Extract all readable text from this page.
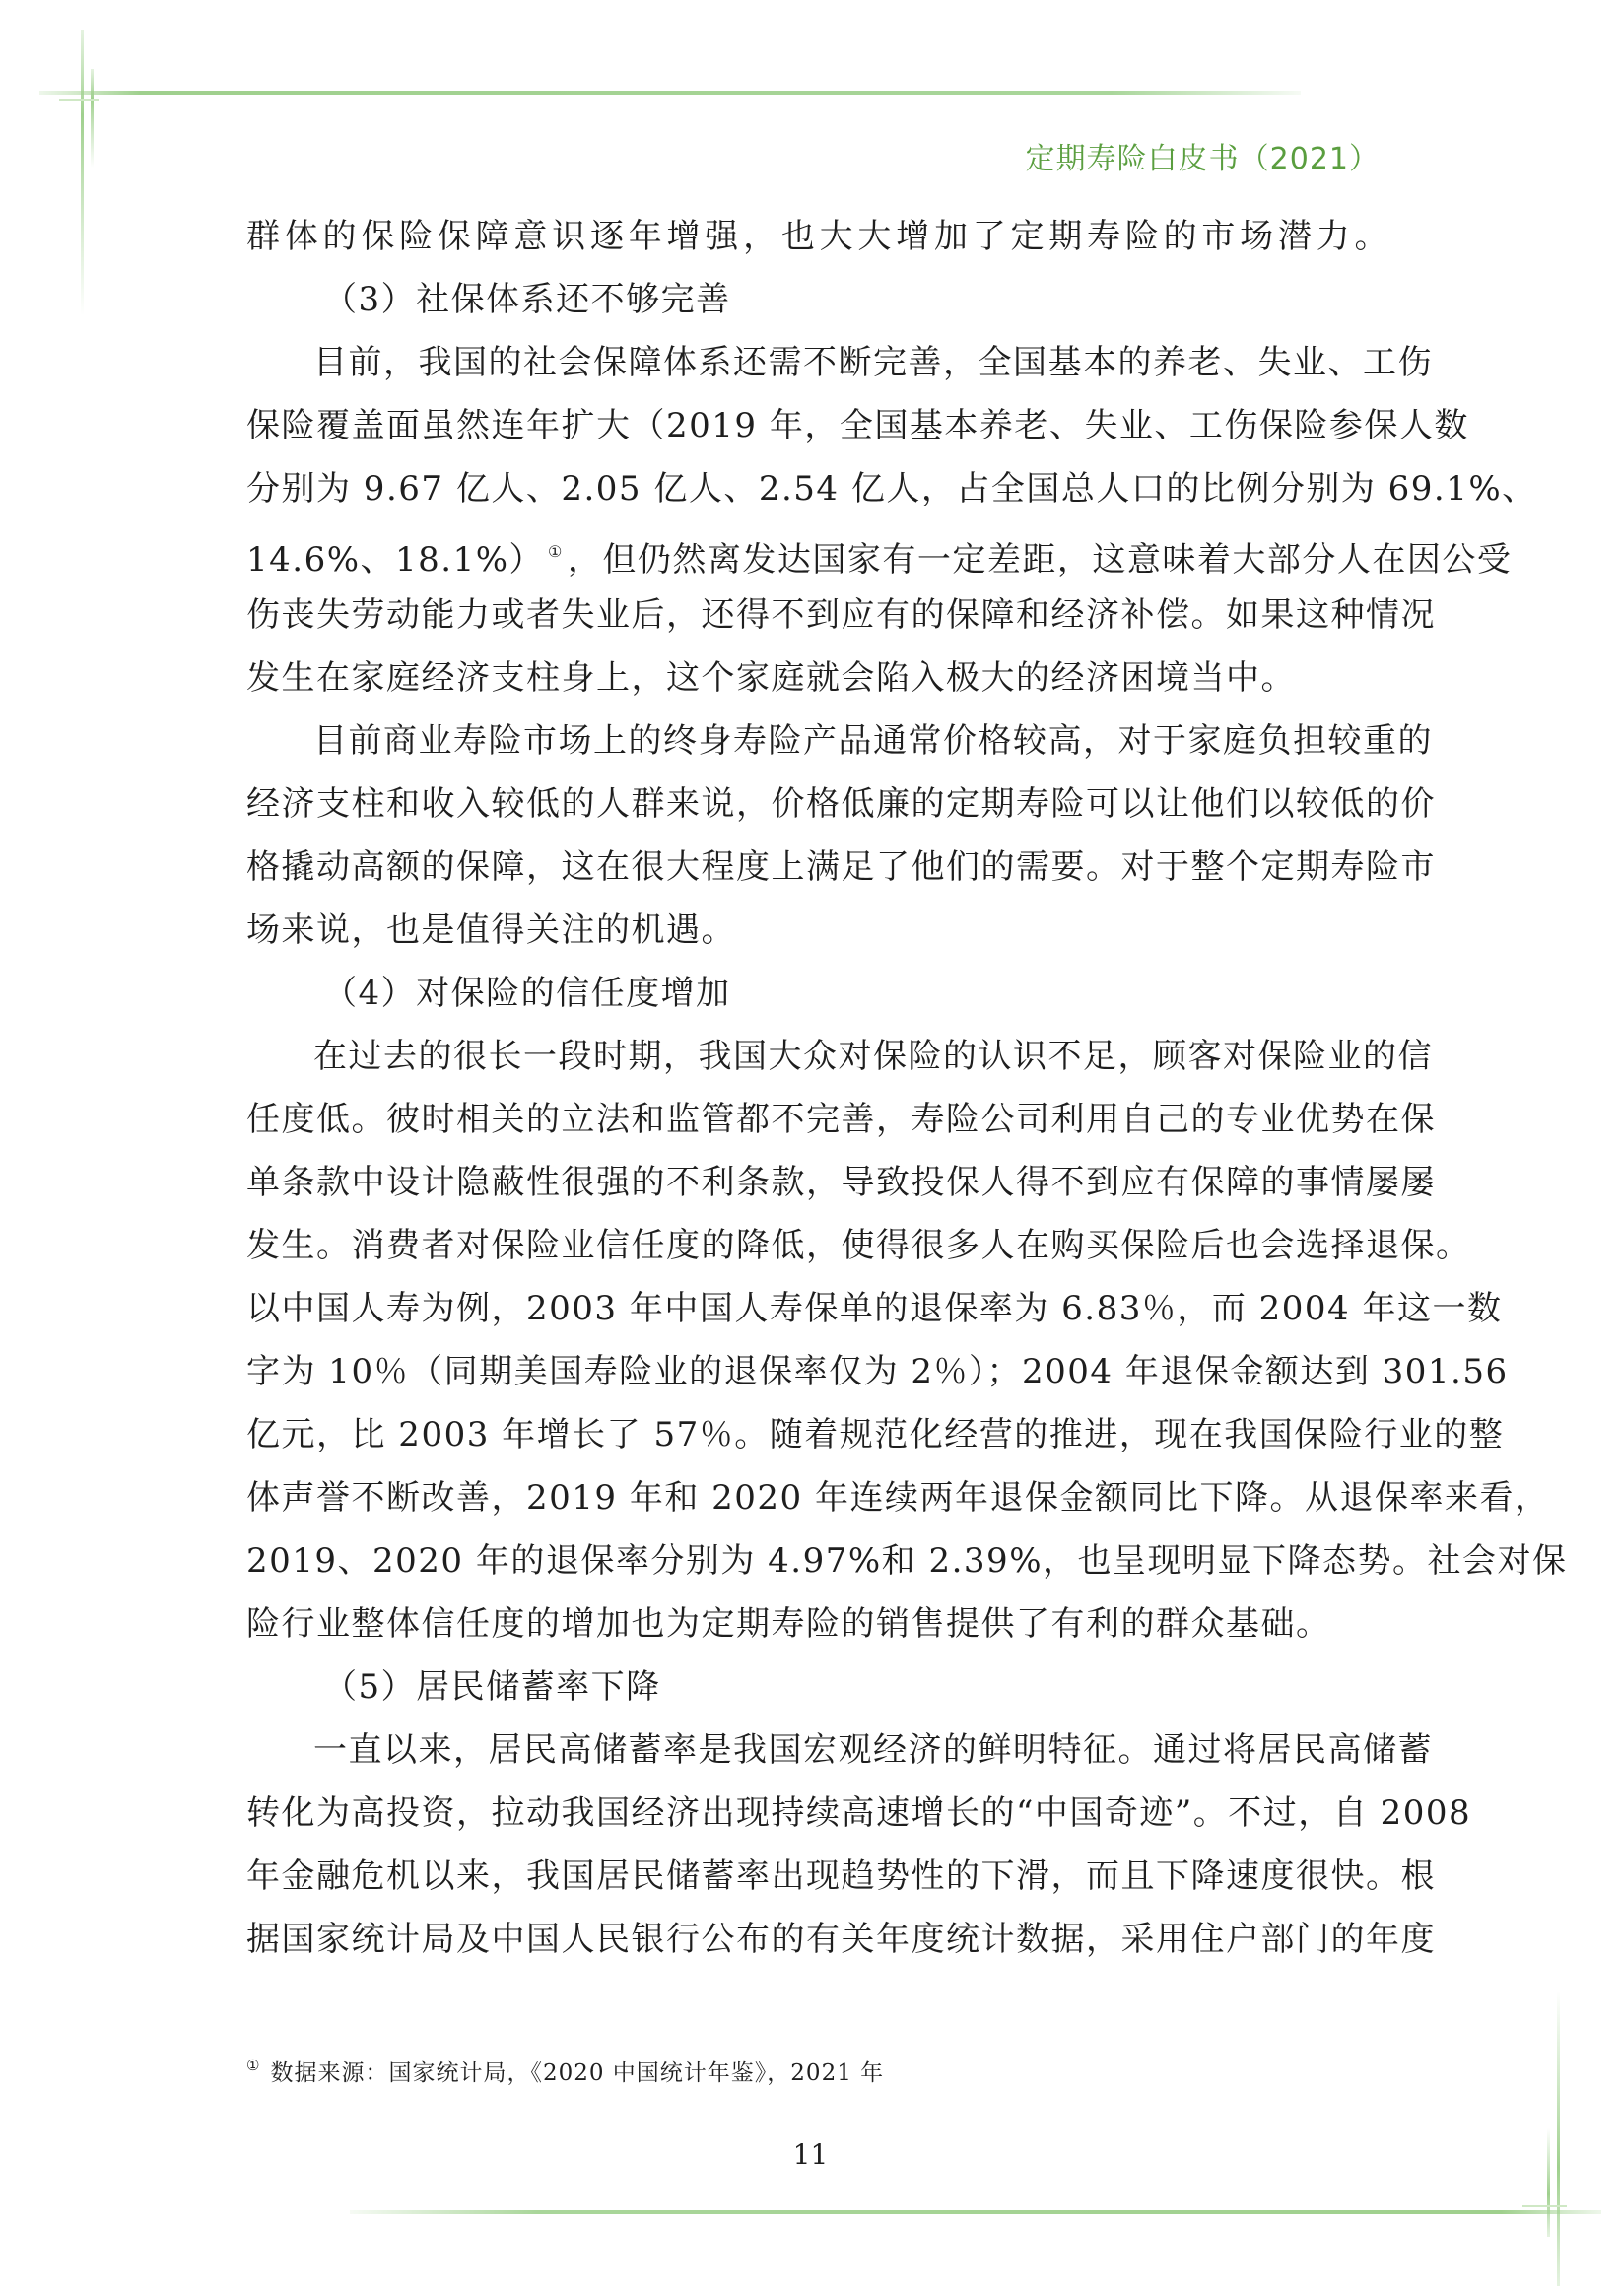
定期寿险白皮书（2021）
群体的保险保障意识逐年增强，也大大增加了定期寿险的市场潜力。
（3）社保体系还不够完善
目前，我国的社会保障体系还需不断完善，全国基本的养老、失业、工伤
保险覆盖面虽然连年扩大（2019 年，全国基本养老、失业、工伤保险参保人数
分别为 9.67 亿人、2.05 亿人、2.54 亿人，占全国总人口的比例分别为 69.1%、
14.6%、18.1%） ① ，但仍然离发达国家有一定差距，这意味着大部分人在因公受
伤丧失劳动能力或者失业后，还得不到应有的保障和经济补偿。如果这种情况
发生在家庭经济支柱身上，这个家庭就会陷入极大的经济困境当中。
目前商业寿险市场上的终身寿险产品通常价格较高，对于家庭负担较重的
经济支柱和收入较低的人群来说，价格低廉的定期寿险可以让他们以较低的价
格撬动高额的保障，这在很大程度上满足了他们的需要。对于整个定期寿险市
场来说，也是值得关注的机遇。
（4）对保险的信任度增加
在过去的很长一段时期，我国大众对保险的认识不足，顾客对保险业的信
任度低。彼时相关的立法和监管都不完善，寿险公司利用自己的专业优势在保
单条款中设计隐蔽性很强的不利条款，导致投保人得不到应有保障的事情屡屡
发生。消费者对保险业信任度的降低，使得很多人在购买保险后也会选择退保。
以中国人寿为例，2003 年中国人寿保单的退保率为 6.83％，而 2004 年这一数
字为 10％（同期美国寿险业的退保率仅为 2％）；2004 年退保金额达到 301.56
亿元，比 2003 年增长了 57％。随着规范化经营的推进，现在我国保险行业的整
体声誉不断改善，2019 年和 2020 年连续两年退保金额同比下降。从退保率来看，
2019、2020 年的退保率分别为 4.97%和 2.39%，也呈现明显下降态势。社会对保
险行业整体信任度的增加也为定期寿险的销售提供了有利的群众基础。
（5）居民储蓄率下降
一直以来，居民高储蓄率是我国宏观经济的鲜明特征。通过将居民高储蓄
转化为高投资，拉动我国经济出现持续高速增长的“中国奇迹”。不过，自 2008
年金融危机以来，我国居民储蓄率出现趋势性的下滑，而且下降速度很快。根
据国家统计局及中国人民银行公布的有关年度统计数据，采用住户部门的年度
① 数据来源：国家统计局，《2020 中国统计年鉴》，2021 年
11
